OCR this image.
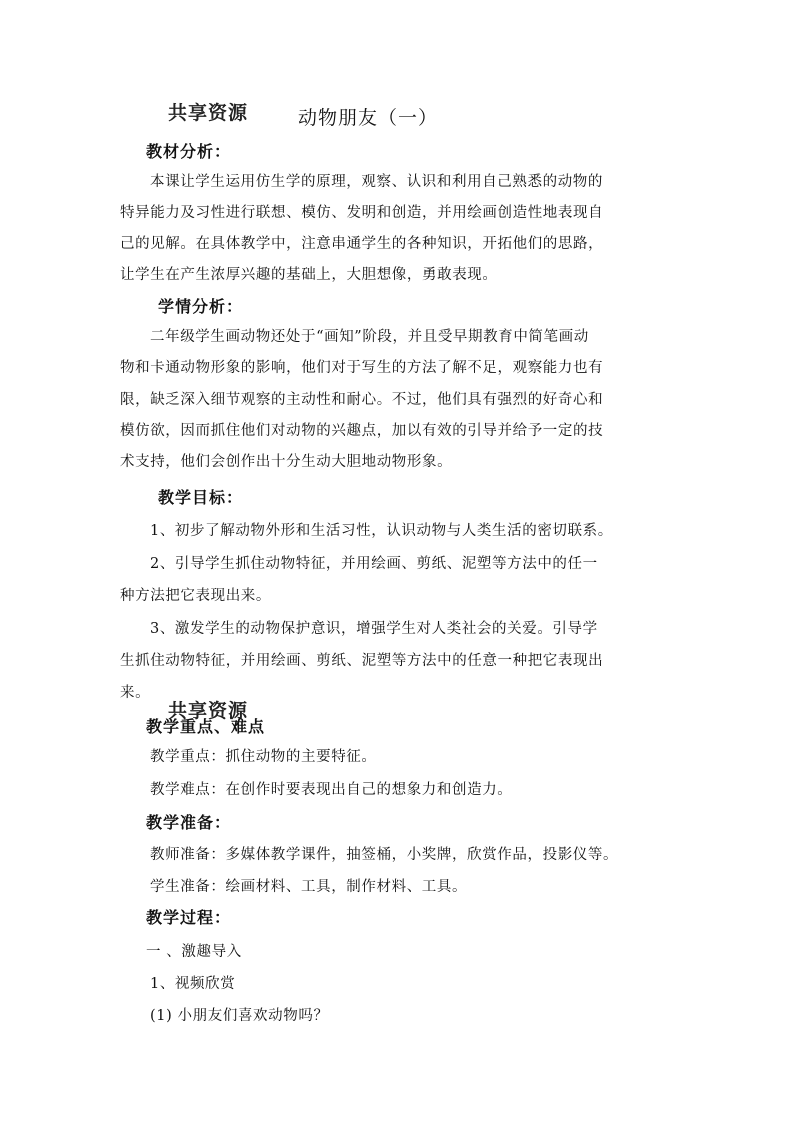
共享资源	动物朋友（一）
教材分析：
本课让学生运用仿生学的原理，观察、认识和利用自己熟悉的动物的
特异能力及习性进行联想、模仿、发明和创造，并用绘画创造性地表现自
己的见解。在具体教学中，注意串通学生的各种知识，开拓他们的思路，
让学生在产生浓厚兴趣的基础上，大胆想像，勇敢表现。
学情分析：
二年级学生画动物还处于“画知”阶段，并且受早期教育中简笔画动
物和卡通动物形象的影响，他们对于写生的方法了解不足，观察能力也有
限，缺乏深入细节观察的主动性和耐心。不过，他们具有强烈的好奇心和
模仿欲，因而抓住他们对动物的兴趣点，加以有效的引导并给予一定的技
术支持，他们会创作出十分生动大胆地动物形象。
教学目标：
1、初步了解动物外形和生活习性，认识动物与人类生活的密切联系。
2、引导学生抓住动物特征，并用绘画、剪纸、泥塑等方法中的任一
种方法把它表现出来。
3、激发学生的动物保护意识，增强学生对人类社会的关爱。引导学
生抓住动物特征，并用绘画、剪纸、泥塑等方法中的任意一种把它表现出
来。
共享资源
教学重点、难点
教学重点：抓住动物的主要特征。
教学难点：在创作时要表现出自己的想象力和创造力。
教学准备：
教师准备：多媒体教学课件，抽签桶，小奖牌，欣赏作品，投影仪等。
学生准备：绘画材料、工具，制作材料、工具。
教学过程：
一 、激趣导入
1、视频欣赏
(1) 小朋友们喜欢动物吗？
